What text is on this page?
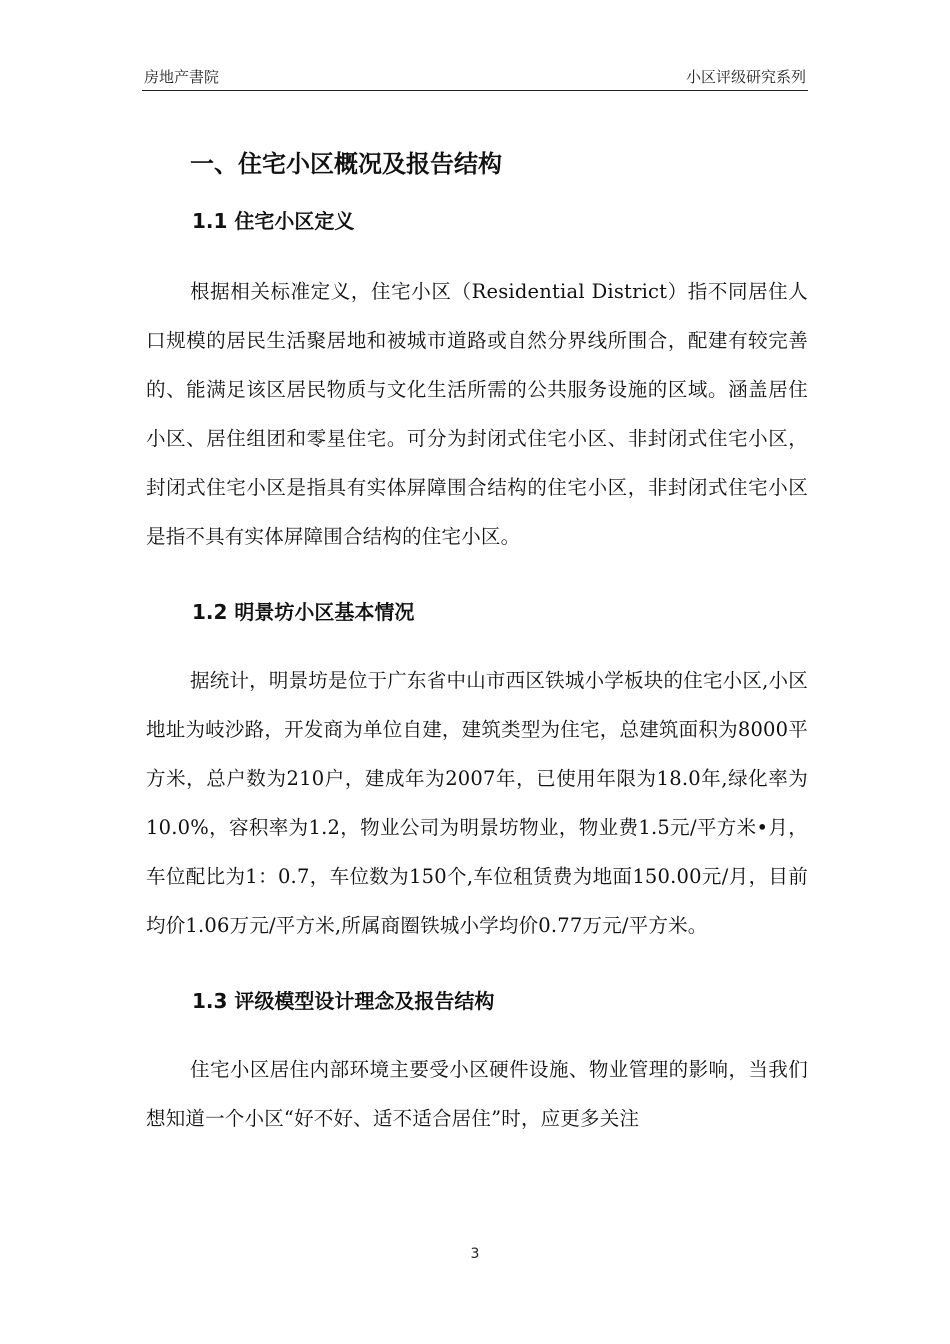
房地产書院	小区评级研究系列
一、住宅小区概况及报告结构
1.1 住宅小区定义

根据相关标准定义，住宅小区（Residential District）指不同居住人口规模的居民生活聚居地和被城市道路或自然分界线所围合，配建有较完善的、能满足该区居民物质与文化生活所需的公共服务设施的区域。涵盖居住小区、居住组团和零星住宅。可分为封闭式住宅小区、非封闭式住宅小区，封闭式住宅小区是指具有实体屏障围合结构的住宅小区，非封闭式住宅小区是指不具有实体屏障围合结构的住宅小区。

1.2 明景坊小区基本情况

据统计，明景坊是位于广东省中山市西区铁城小学板块的住宅小区,小区地址为岐沙路，开发商为单位自建，建筑类型为住宅，总建筑面积为8000平方米，总户数为210户，建成年为2007年，已使用年限为18.0年,绿化率为10.0%，容积率为1.2，物业公司为明景坊物业，物业费1.5元/平方米•月，车位配比为1：0.7，车位数为150个,车位租赁费为地面150.00元/月，目前均价1.06万元/平方米,所属商圈铁城小学均价0.77万元/平方米。

1.3 评级模型设计理念及报告结构

住宅小区居住内部环境主要受小区硬件设施、物业管理的影响，当我们想知道一个小区“好不好、适不适合居住”时，应更多关注

3
